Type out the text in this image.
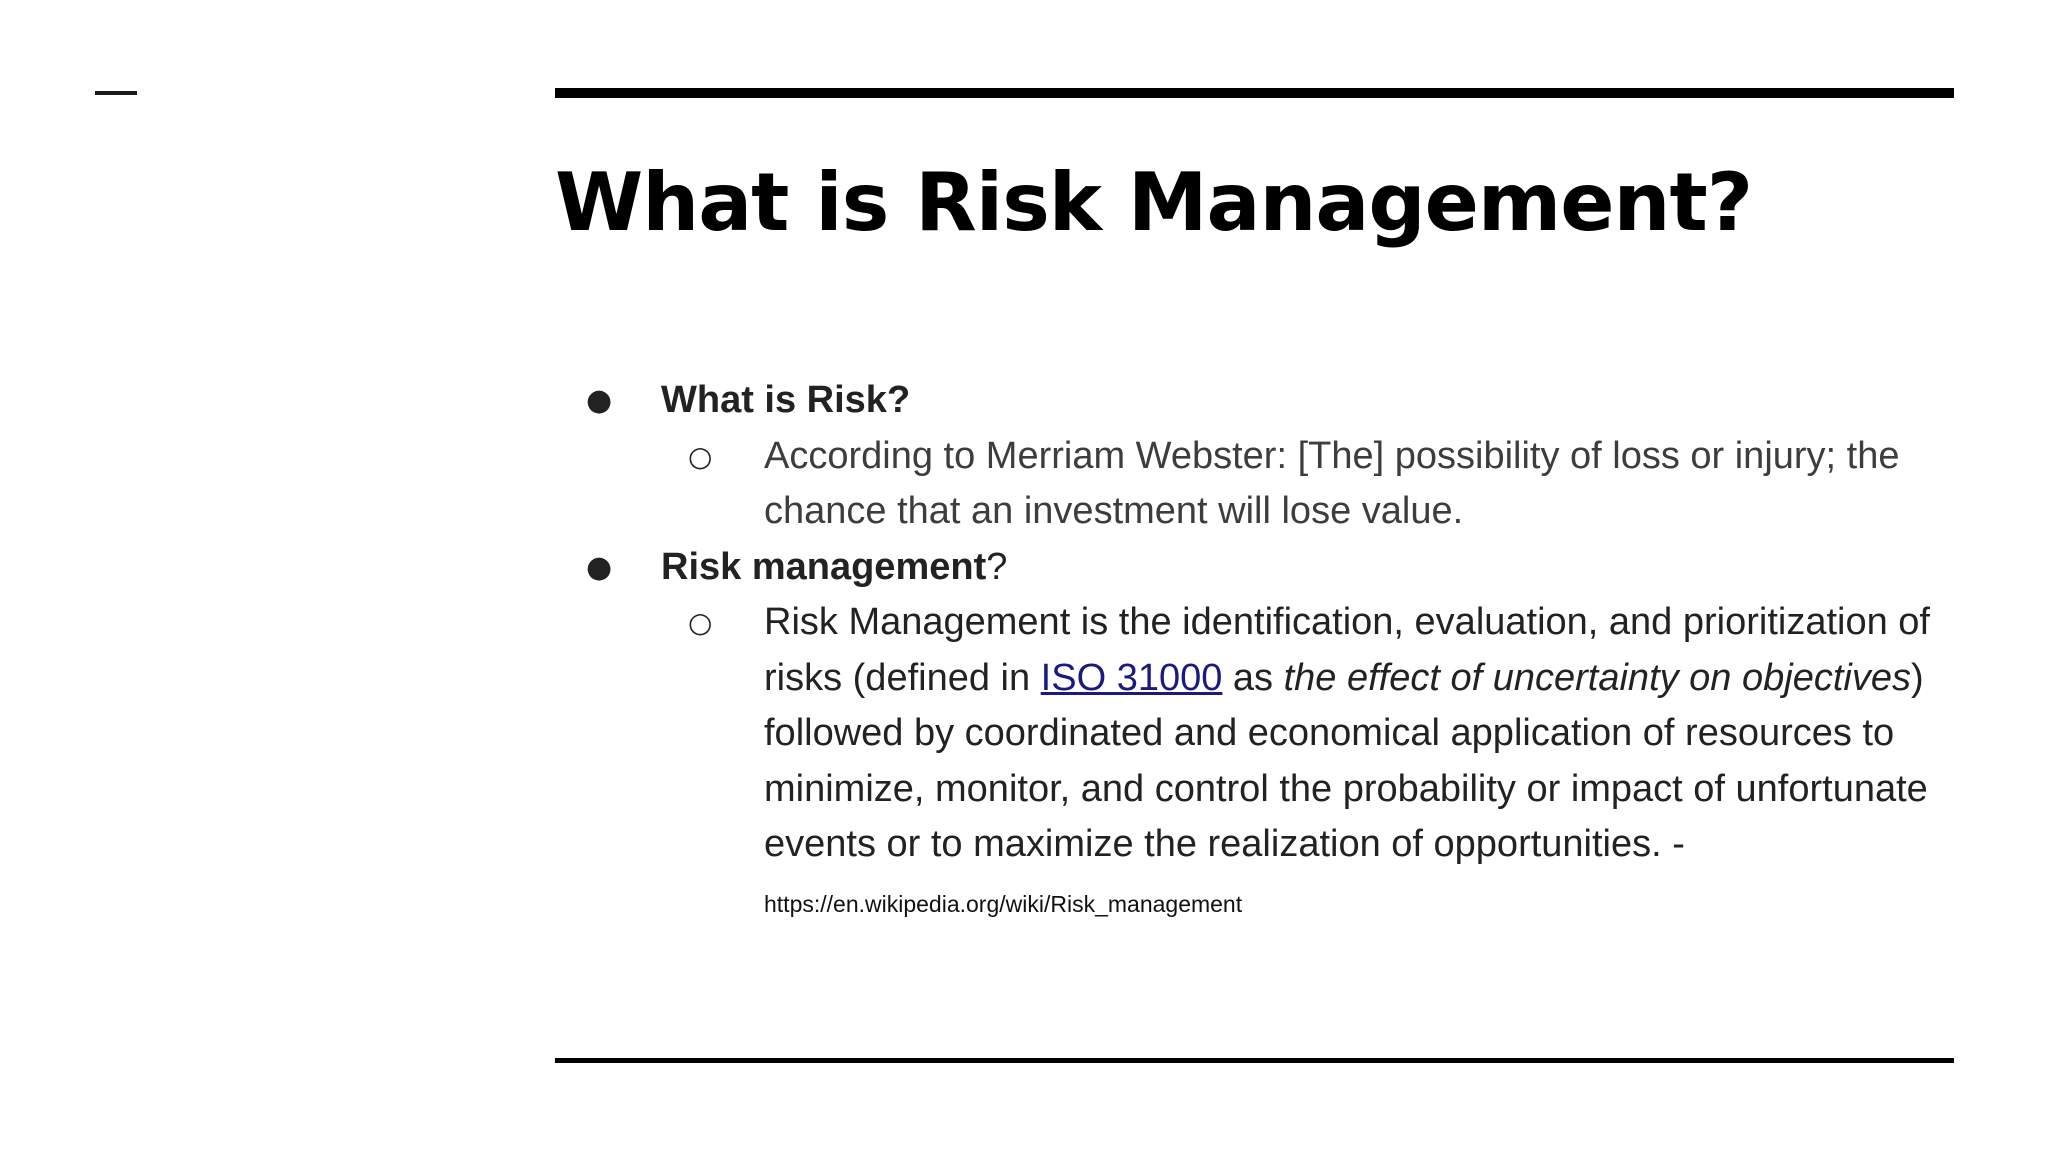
What is Risk Management?
● What is Risk?
○ According to Merriam Webster: [The] possibility of loss or injury; the chance that an investment will lose value.
● Risk management?
○ Risk Management is the identification, evaluation, and prioritization of risks (defined in ISO 31000 as the effect of uncertainty on objectives) followed by coordinated and economical application of resources to minimize, monitor, and control the probability or impact of unfortunate events or to maximize the realization of opportunities. - https://en.wikipedia.org/wiki/Risk_management
